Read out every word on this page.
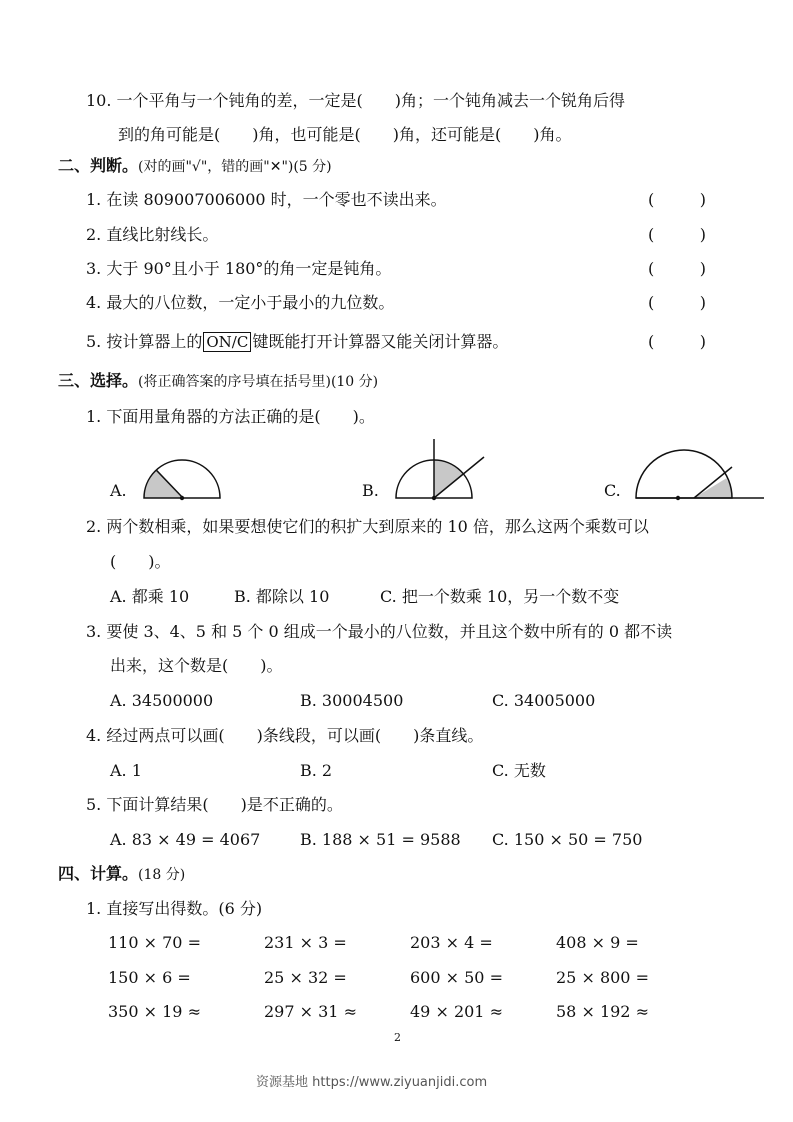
10. 一个平角与一个钝角的差，一定是(　　)角；一个钝角减去一个锐角后得
到的角可能是(　　)角，也可能是(　　)角，还可能是(　　)角。
二、判断。(对的画"√"，错的画"✕")(5 分)
1. 在读 809007006000 时，一个零也不读出来。	(	)
2. 直线比射线长。	(	)
3. 大于 90°且小于 180°的角一定是钝角。	(	)
4. 最大的八位数，一定小于最小的九位数。	(	)
5. 按计算器上的 ON/C 键既能打开计算器又能关闭计算器。	(	)
三、选择。(将正确答案的序号填在括号里)(10 分)
1. 下面用量角器的方法正确的是(　　)。
A.	B.	C.
2. 两个数相乘，如果要想使它们的积扩大到原来的 10 倍，那么这两个乘数可以
(　　)。
A. 都乘 10	B. 都除以 10	C. 把一个数乘 10，另一个数不变
3. 要使 3、4、5 和 5 个 0 组成一个最小的八位数，并且这个数中所有的 0 都不读
出来，这个数是(　　)。
A. 34500000	B. 30004500	C. 34005000
4. 经过两点可以画(　　)条线段，可以画(　　)条直线。
A. 1	B. 2	C. 无数
5. 下面计算结果(　　)是不正确的。
A. 83 × 49 = 4067 B. 188 × 51 = 9588 C. 150 × 50 = 750
四、计算。(18 分)
1. 直接写出得数。(6 分)
110 × 70 =	231 × 3 =	203 × 4 =	408 × 9 =
150 × 6 =	25 × 32 =	600 × 50 =	25 × 800 =
350 × 19 ≈	297 × 31 ≈	49 × 201 ≈	58 × 192 ≈
2
资源基地 https://www.ziyuanjidi.com
